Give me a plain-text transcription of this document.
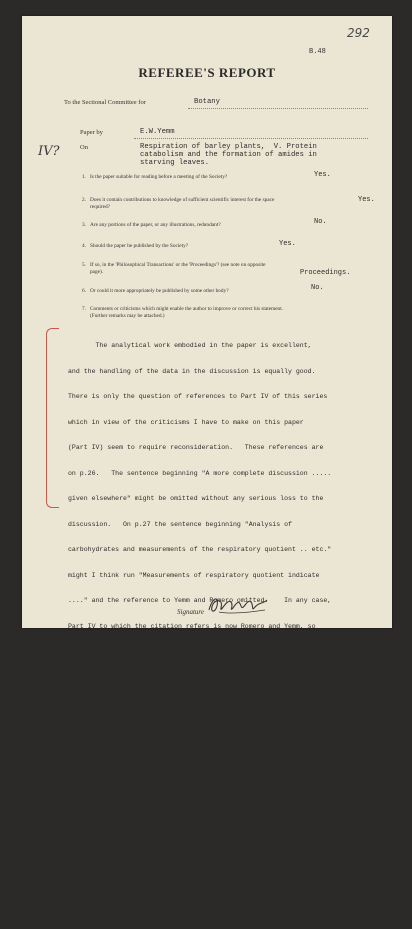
292
B.48
REFEREE'S REPORT
To the Sectional Committee for	Botany
Paper by	E.W.Yemm
IV?	On	Respiration of barley plants,  V. Protein
catabolism and the formation of amides in
starving leaves.
1. Is the paper suitable for reading before a meeting of the Society?	Yes.
2. Does it contain contributions to knowledge of sufficient scientific interest for the space
required?
Yes.
3. Are any portions of the paper, or any illustrations, redundant?	No.
4. Should the paper be published by the Society?	Yes.
5. If so, in the 'Philosophical Transactions' or the 'Proceedings'? (see note on opposite
page).	Proceedings.
6. Or could it more appropriately be published by some other body?	No.
7. Comments or criticisms which might enable the author to improve or correct his statement.
(Further remarks may be attached.)

The analytical work embodied in the paper is excellent,

and the handling of the data in the discussion is equally good.

There is only the question of references to Part IV of this series

which in view of the criticisms I have to make on this paper

(Part IV) seem to require reconsideration.   These references are

on p.26.   The sentence beginning "A more complete discussion .....

given elsewhere" might be omitted without any serious loss to the

discussion.   On p.27 the sentence beginning "Analysis of

carbohydrates and measurements of the respiratory quotient .. etc."

might I think run "Measurements of respiratory quotient indicate

...." and the reference to Yemm and Romero omitted.    In any case,

Part IV to which the citation refers is now Romero and Yemm, so

that the order of names must be reversed.   I would suggest that

this paper is numbered IV, and the paper on The Metabolism of

Organic Acids in Starving Leaves should be called V.   This will

allow immediate publication of the present paper by Yemm which

will then be entitled

Respiration of Barley Plants.

IV.  Protein Catabolism etc.

E.W. Yemm.

The paper on metabolism of organic acids will need a good deal

of revision, I think, before publication.

Signature
